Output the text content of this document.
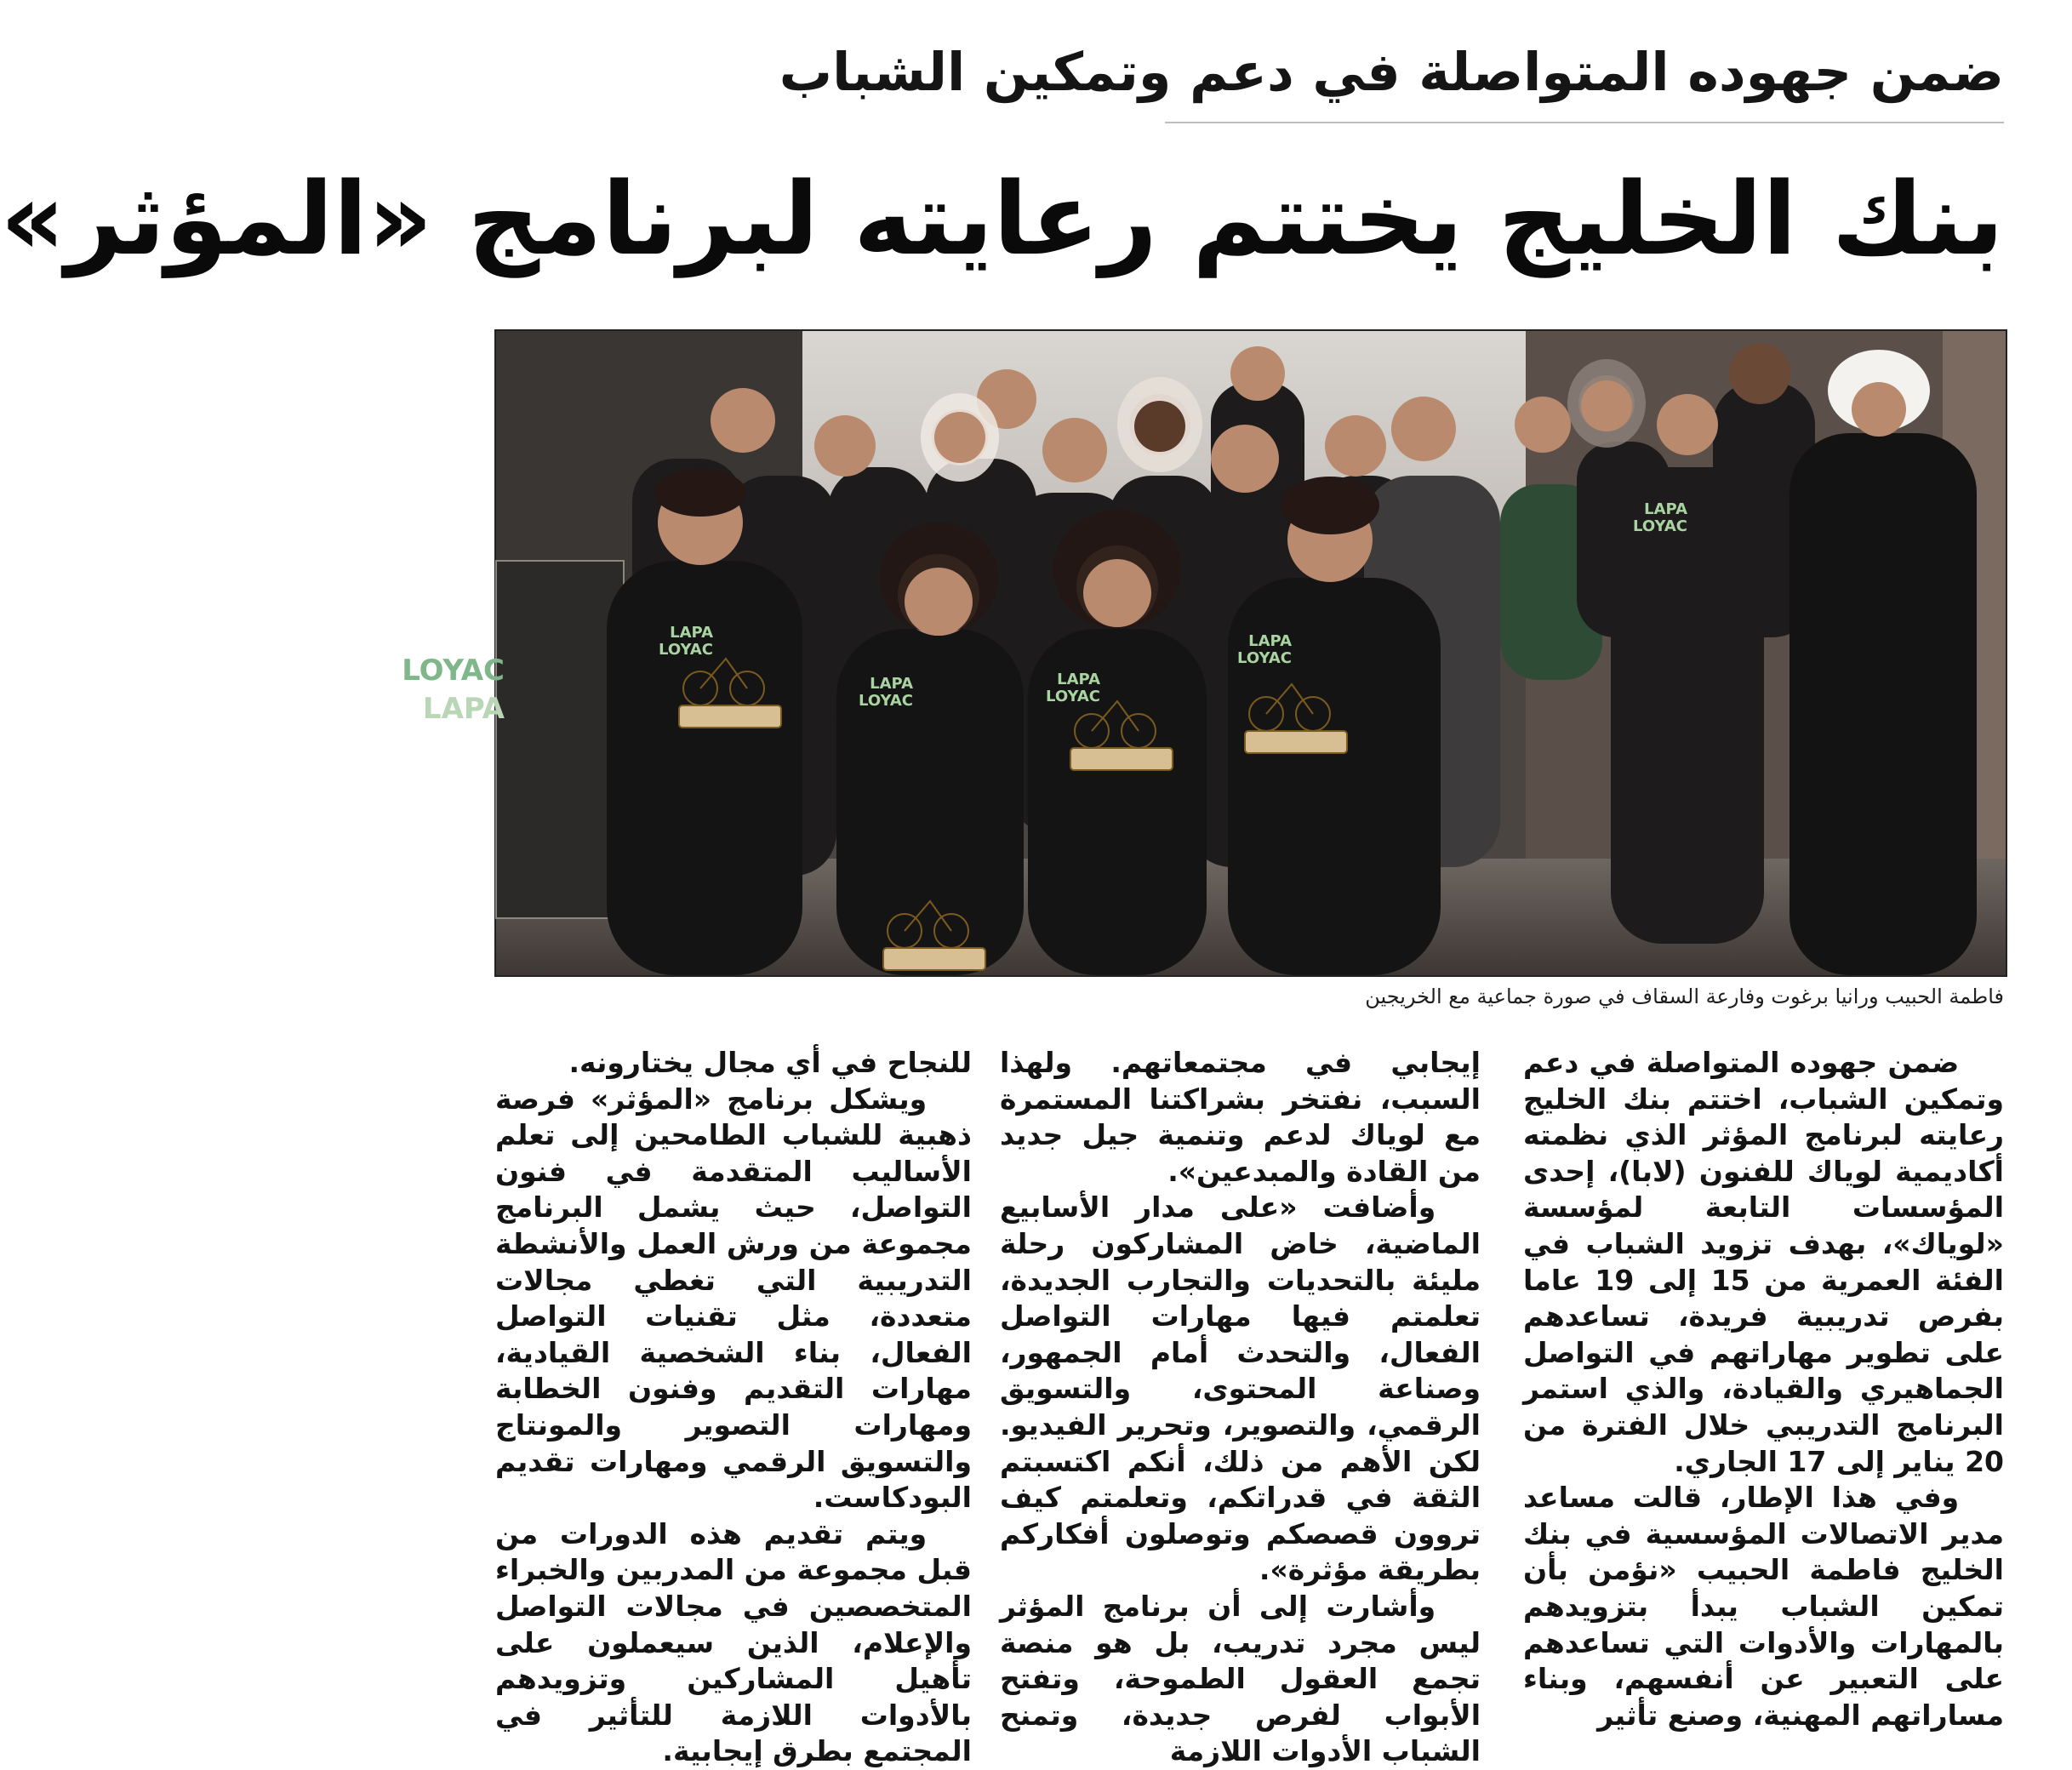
ضمن جهوده المتواصلة في دعم وتمكين الشباب
بنك الخليج يختتم رعايته لبرنامج «المؤثر»
LOYAC
LAPA
LAPA
LOYAC
LAPA
LOYAC
LAPA
LOYAC
LAPA
LOYAC
LAPA
LOYAC
فاطمة الحبيب ورانيا برغوت وفارعة السقاف في صورة جماعية مع الخريجين

ضمن جهوده المتواصلة في دعم وتمكين الشباب، اختتم بنك الخليج رعايته لبرنامج المؤثر الذي نظمته أكاديمية لوياك للفنون (لابا)، إحدى المؤسسات التابعة لمؤسسة «لوياك»، بهدف تزويد الشباب في الفئة العمرية من 15 إلى 19 عاما بفرص تدريبية فريدة، تساعدهم على تطوير مهاراتهم في التواصل الجماهيري والقيادة، والذي استمر البرنامج التدريبي خلال الفترة من 20 يناير إلى 17 الجاري.

وفي هذا الإطار، قالت مساعد مدير الاتصالات المؤسسية في بنك الخليج فاطمة الحبيب «نؤمن بأن تمكين الشباب يبدأ بتزويدهم بالمهارات والأدوات التي تساعدهم على التعبير عن أنفسهم، وبناء مساراتهم المهنية، وصنع تأثير

إيجابي في مجتمعاتهم. ولهذا السبب، نفتخر بشراكتنا المستمرة مع لوياك لدعم وتنمية جيل جديد من القادة والمبدعين».

وأضافت «على مدار الأسابيع الماضية، خاض المشاركون رحلة مليئة بالتحديات والتجارب الجديدة، تعلمتم فيها مهارات التواصل الفعال، والتحدث أمام الجمهور، وصناعة المحتوى، والتسويق الرقمي، والتصوير، وتحرير الفيديو. لكن الأهم من ذلك، أنكم اكتسبتم الثقة في قدراتكم، وتعلمتم كيف تروون قصصكم وتوصلون أفكاركم بطريقة مؤثرة».

وأشارت إلى أن برنامج المؤثر ليس مجرد تدريب، بل هو منصة تجمع العقول الطموحة، وتفتح الأبواب لفرص جديدة، وتمنح الشباب الأدوات اللازمة

للنجاح في أي مجال يختارونه.

ويشكل برنامج «المؤثر» فرصة ذهبية للشباب الطامحين إلى تعلم الأساليب المتقدمة في فنون التواصل، حيث يشمل البرنامج مجموعة من ورش العمل والأنشطة التدريبية التي تغطي مجالات متعددة، مثل تقنيات التواصل الفعال، بناء الشخصية القيادية، مهارات التقديم وفنون الخطابة ومهارات التصوير والمونتاج والتسويق الرقمي ومهارات تقديم البودكاست.

ويتم تقديم هذه الدورات من قبل مجموعة من المدربين والخبراء المتخصصين في مجالات التواصل والإعلام، الذين سيعملون على تأهيل المشاركين وتزويدهم بالأدوات اللازمة للتأثير في المجتمع بطرق إيجابية.
